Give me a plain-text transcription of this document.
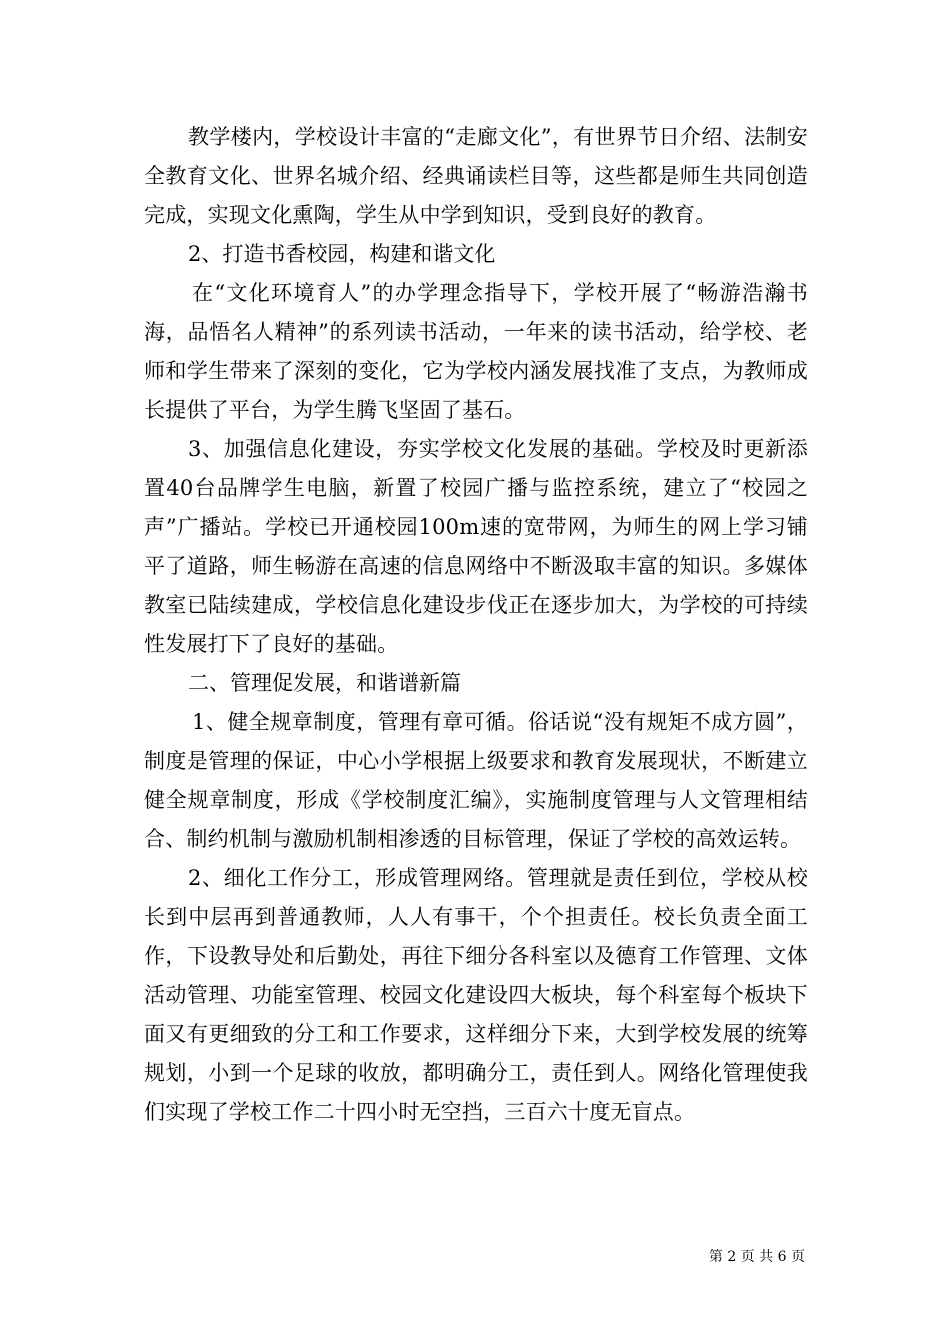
教学楼内，学校设计丰富的“走廊文化”，有世界节日介绍、法制安全教育文化、世界名城介绍、经典诵读栏目等，这些都是师生共同创造完成，实现文化熏陶，学生从中学到知识，受到良好的教育。

2、打造书香校园，构建和谐文化

在“文化环境育人”的办学理念指导下，学校开展了“畅游浩瀚书海，品悟名人精神”的系列读书活动，一年来的读书活动，给学校、老师和学生带来了深刻的变化，它为学校内涵发展找准了支点，为教师成长提供了平台，为学生腾飞坚固了基石。

3、加强信息化建设，夯实学校文化发展的基础。学校及时更新添置40台品牌学生电脑，新置了校园广播与监控系统，建立了“校园之声”广播站。学校已开通校园100m速的宽带网，为师生的网上学习铺平了道路，师生畅游在高速的信息网络中不断汲取丰富的知识。多媒体教室已陆续建成，学校信息化建设步伐正在逐步加大，为学校的可持续性发展打下了良好的基础。

二、管理促发展，和谐谱新篇

1、健全规章制度，管理有章可循。俗话说“没有规矩不成方圆”，制度是管理的保证，中心小学根据上级要求和教育发展现状，不断建立健全规章制度，形成《学校制度汇编》，实施制度管理与人文管理相结合、制约机制与激励机制相渗透的目标管理，保证了学校的高效运转。

2、细化工作分工，形成管理网络。管理就是责任到位，学校从校长到中层再到普通教师，人人有事干，个个担责任。校长负责全面工作，下设教导处和后勤处，再往下细分各科室以及德育工作管理、文体活动管理、功能室管理、校园文化建设四大板块，每个科室每个板块下面又有更细致的分工和工作要求，这样细分下来，大到学校发展的统筹规划，小到一个足球的收放，都明确分工，责任到人。网络化管理使我们实现了学校工作二十四小时无空挡，三百六十度无盲点。

第 2 页 共 6 页
